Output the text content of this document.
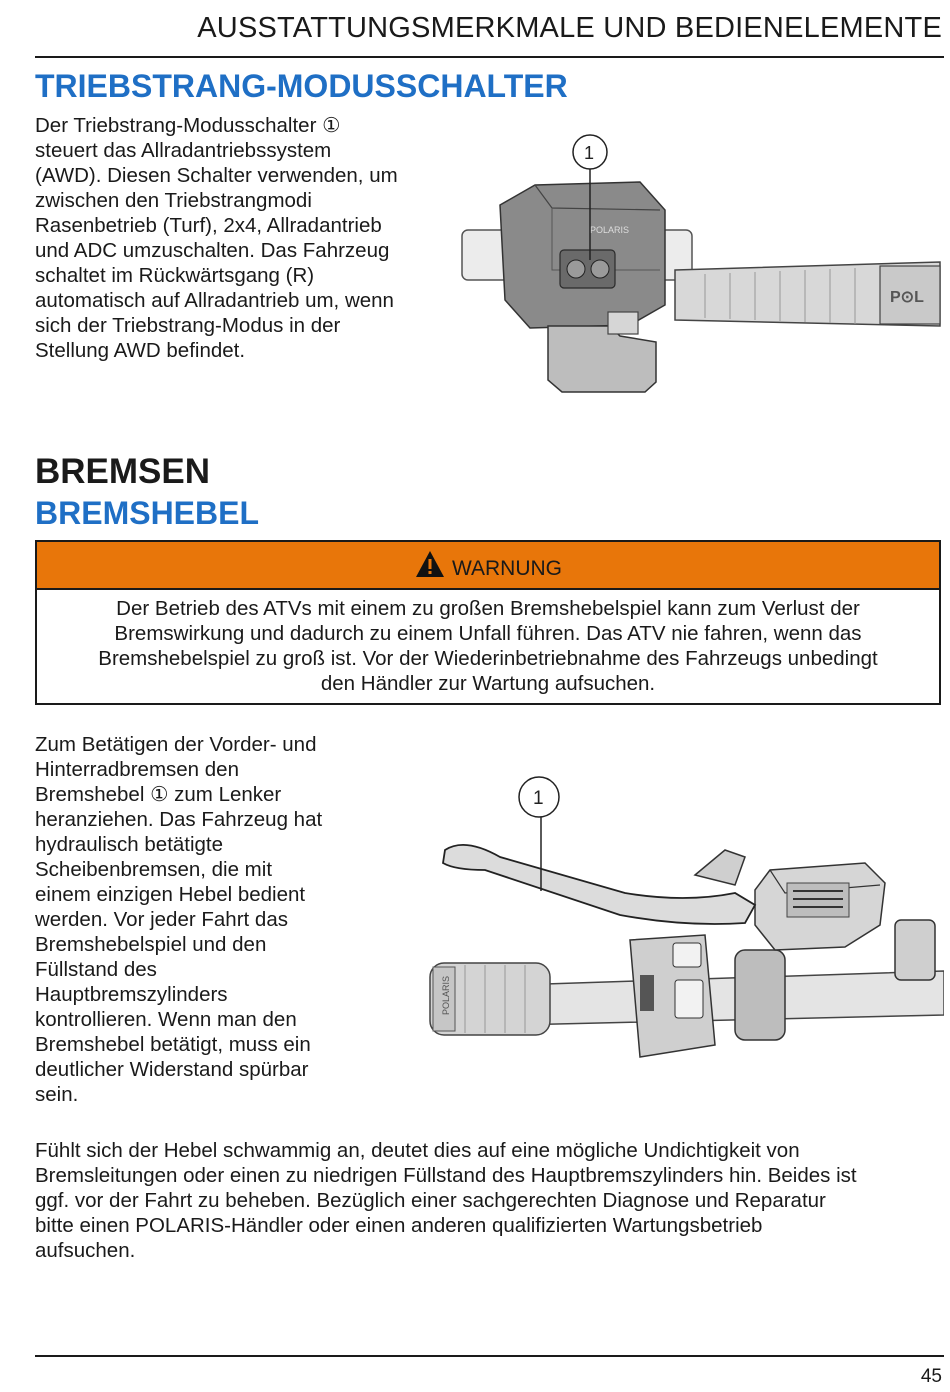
AUSSTATTUNGSMERKMALE UND BEDIENELEMENTE
TRIEBSTRANG-MODUSSCHALTER
Der Triebstrang-Modusschalter ①
steuert das Allradantriebssystem
(AWD). Diesen Schalter verwenden, um
zwischen den Triebstrangmodi
Rasenbetrieb (Turf), 2x4, Allradantrieb
und ADC umzuschalten. Das Fahrzeug
schaltet im Rückwärtsgang (R)
automatisch auf Allradantrieb um, wenn
sich der Triebstrang-Modus in der
Stellung AWD befindet.
POLARIS
P⊙L
1
BREMSEN
BREMSHEBEL
WARNUNG
Der Betrieb des ATVs mit einem zu großen Bremshebelspiel kann zum Verlust der
Bremswirkung und dadurch zu einem Unfall führen. Das ATV nie fahren, wenn das
Bremshebelspiel zu groß ist. Vor der Wiederinbetriebnahme des Fahrzeugs unbedingt
den Händler zur Wartung aufsuchen.
Zum Betätigen der Vorder- und
Hinterradbremsen den
Bremshebel ① zum Lenker
heranziehen. Das Fahrzeug hat
hydraulisch betätigte
Scheibenbremsen, die mit
einem einzigen Hebel bedient
werden. Vor jeder Fahrt das
Bremshebelspiel und den
Füllstand des
Hauptbremszylinders
kontrollieren. Wenn man den
Bremshebel betätigt, muss ein
deutlicher Widerstand spürbar
sein.
POLARIS
1
Fühlt sich der Hebel schwammig an, deutet dies auf eine mögliche Undichtigkeit von
Bremsleitungen oder einen zu niedrigen Füllstand des Hauptbremszylinders hin. Beides ist
ggf. vor der Fahrt zu beheben. Bezüglich einer sachgerechten Diagnose und Reparatur
bitte einen POLARIS-Händler oder einen anderen qualifizierten Wartungsbetrieb
aufsuchen.
45
